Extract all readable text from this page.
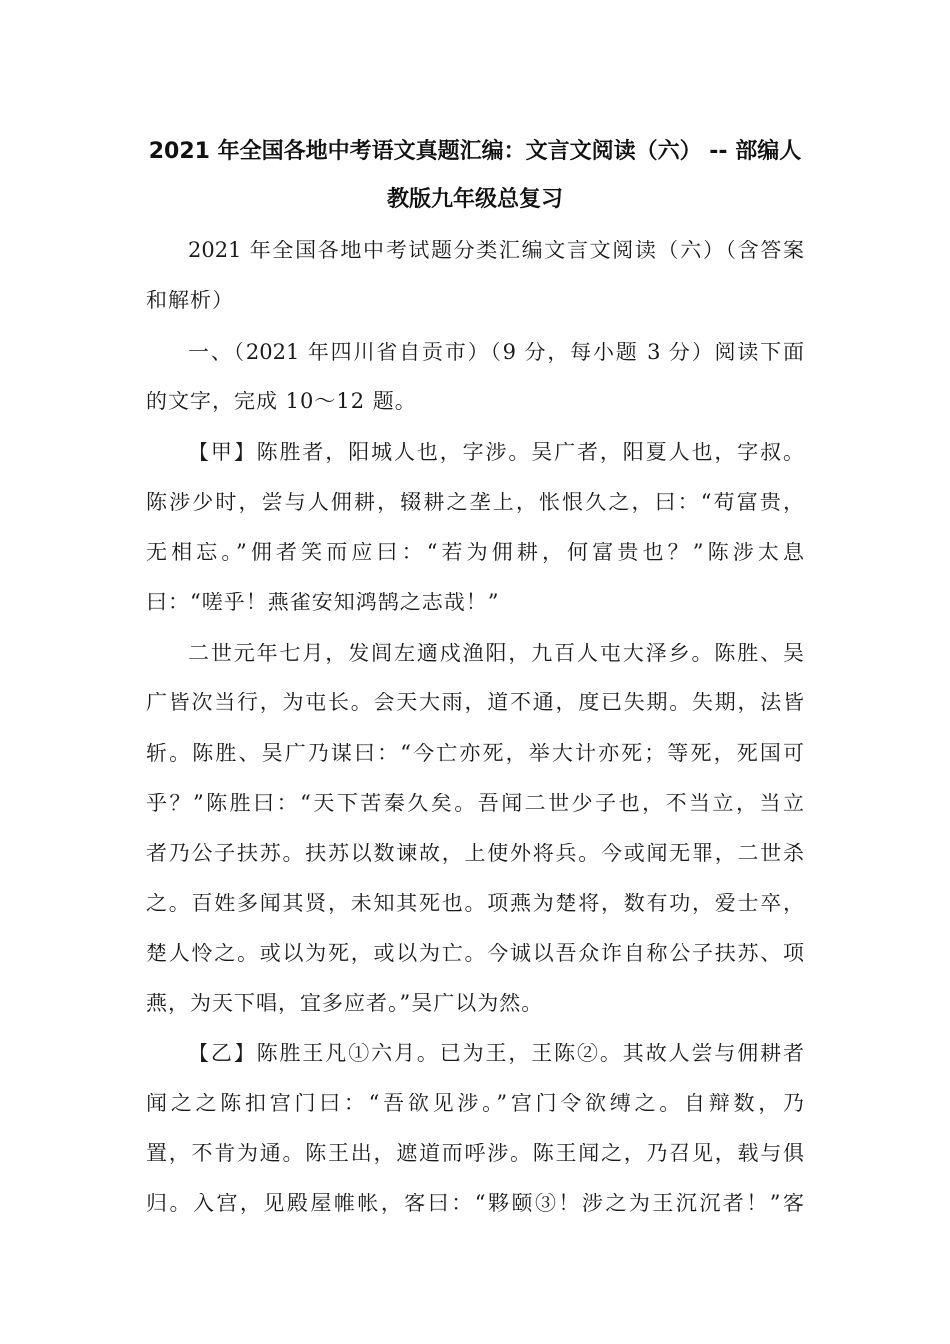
2021 年全国各地中考语文真题汇编：文言文阅读（六） -- 部编人
教版九年级总复习
2021 年全国各地中考试题分类汇编文言文阅读（六）（含答案
和解析）
一、（2021 年四川省自贡市）（9 分，每小题 3 分）阅读下面
的文字，完成 10～12 题。
【甲】陈胜者，阳城人也，字涉。吴广者，阳夏人也，字叔。
陈涉少时，尝与人佣耕，辍耕之垄上，怅恨久之，曰：“苟富贵，
无相忘。”佣者笑而应曰：“若为佣耕，何富贵也？”陈涉太息
曰：“嗟乎！燕雀安知鸿鹄之志哉！”
二世元年七月，发闾左適戍渔阳，九百人屯大泽乡。陈胜、吴
广皆次当行，为屯长。会天大雨，道不通，度已失期。失期，法皆
斩。陈胜、吴广乃谋曰：“今亡亦死，举大计亦死；等死，死国可
乎？”陈胜曰：“天下苦秦久矣。吾闻二世少子也，不当立，当立
者乃公子扶苏。扶苏以数谏故，上使外将兵。今或闻无罪，二世杀
之。百姓多闻其贤，未知其死也。项燕为楚将，数有功，爱士卒，
楚人怜之。或以为死，或以为亡。今诚以吾众诈自称公子扶苏、项
燕，为天下唱，宜多应者。”吴广以为然。
【乙】陈胜王凡①六月。已为王，王陈②。其故人尝与佣耕者
闻之之陈扣宫门曰：“吾欲见涉。”宫门令欲缚之。自辩数，乃
置，不肯为通。陈王出，遮道而呼涉。陈王闻之，乃召见，载与俱
归。入宫，见殿屋帷帐，客曰：“夥颐③！涉之为王沉沉者！”客
